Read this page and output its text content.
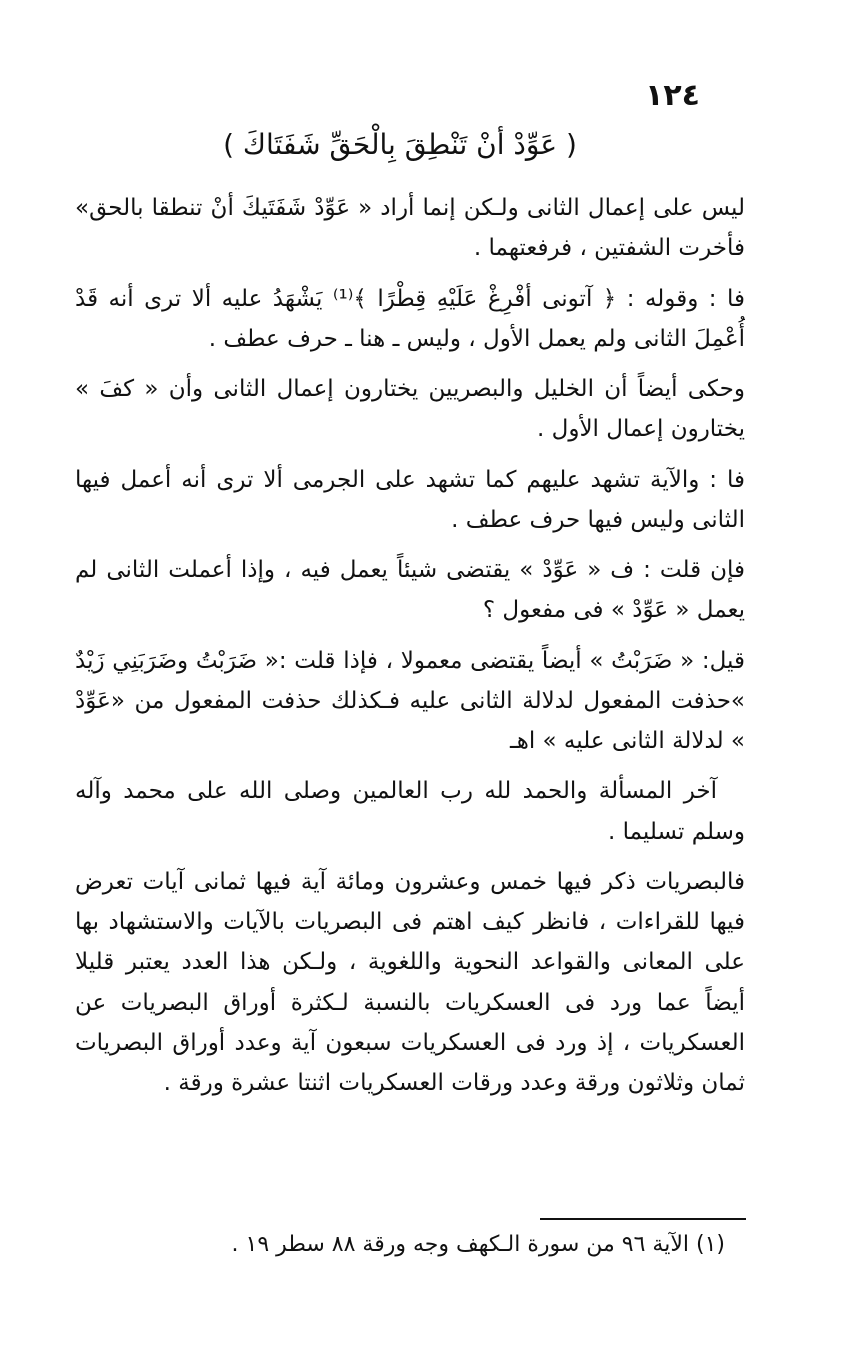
١٢٤
( عَوِّدْ أنْ تَنْطِقَ بِالْحَقِّ شَفَتَاكَ )

ليس على إعمال الثانى ولـكن إنما أراد « عَوِّدْ شَفَتَيكَ أنْ تنطقا بالحق» فأخرت الشفتين ، فرفعتهما .

فا : وقوله : ﴿ آتونى أفْرِغْ عَلَيْهِ قِطْرًا ﴾⁽¹⁾ يَشْهَدُ عليه ألا ترى أنه قَدْ أُعْمِلَ الثانى ولم يعمل الأول ، وليس ـ هنا ـ حرف عطف .

وحكى أيضاً أن الخليل والبصريين يختارون إعمال الثانى وأن « كفَ » يختارون إعمال الأول .

فا : والآية تشهد عليهم كما تشهد على الجرمى ألا ترى أنه أعمل فيها الثانى وليس فيها حرف عطف .

فإن قلت : ف « عَوِّدْ » يقتضى شيئاً يعمل فيه ، وإذا أعملت الثانى لم يعمل « عَوِّدْ » فى مفعول ؟

قيل: « ضَرَبْتُ » أيضاً يقتضى معمولا ، فإذا قلت :« ضَرَبْتُ وضَرَبَنِي زَيْدٌ »حذفت المفعول لدلالة الثانى عليه فـكذلك حذفت المفعول من «عَوِّدْ » لدلالة الثانى عليه » اهـ

آخر المسألة والحمد لله رب العالمين وصلى الله على محمد وآله وسلم تسليما .

فالبصريات ذكر فيها خمس وعشرون ومائة آية فيها ثمانى آيات تعرض فيها للقراءات ، فانظر كيف اهتم فى البصريات بالآيات والاستشهاد بها على المعانى والقواعد النحوية واللغوية ، ولـكن هذا العدد يعتبر قليلا أيضاً عما ورد فى العسكريات بالنسبة لـكثرة أوراق البصريات عن العسكريات ، إذ ورد فى العسكريات سبعون آية وعدد أوراق البصريات ثمان وثلاثون ورقة وعدد ورقات العسكريات اثنتا عشرة ورقة .

(١) الآية ٩٦ من سورة الـكهف وجه ورقة ٨٨ سطر ١٩ .
